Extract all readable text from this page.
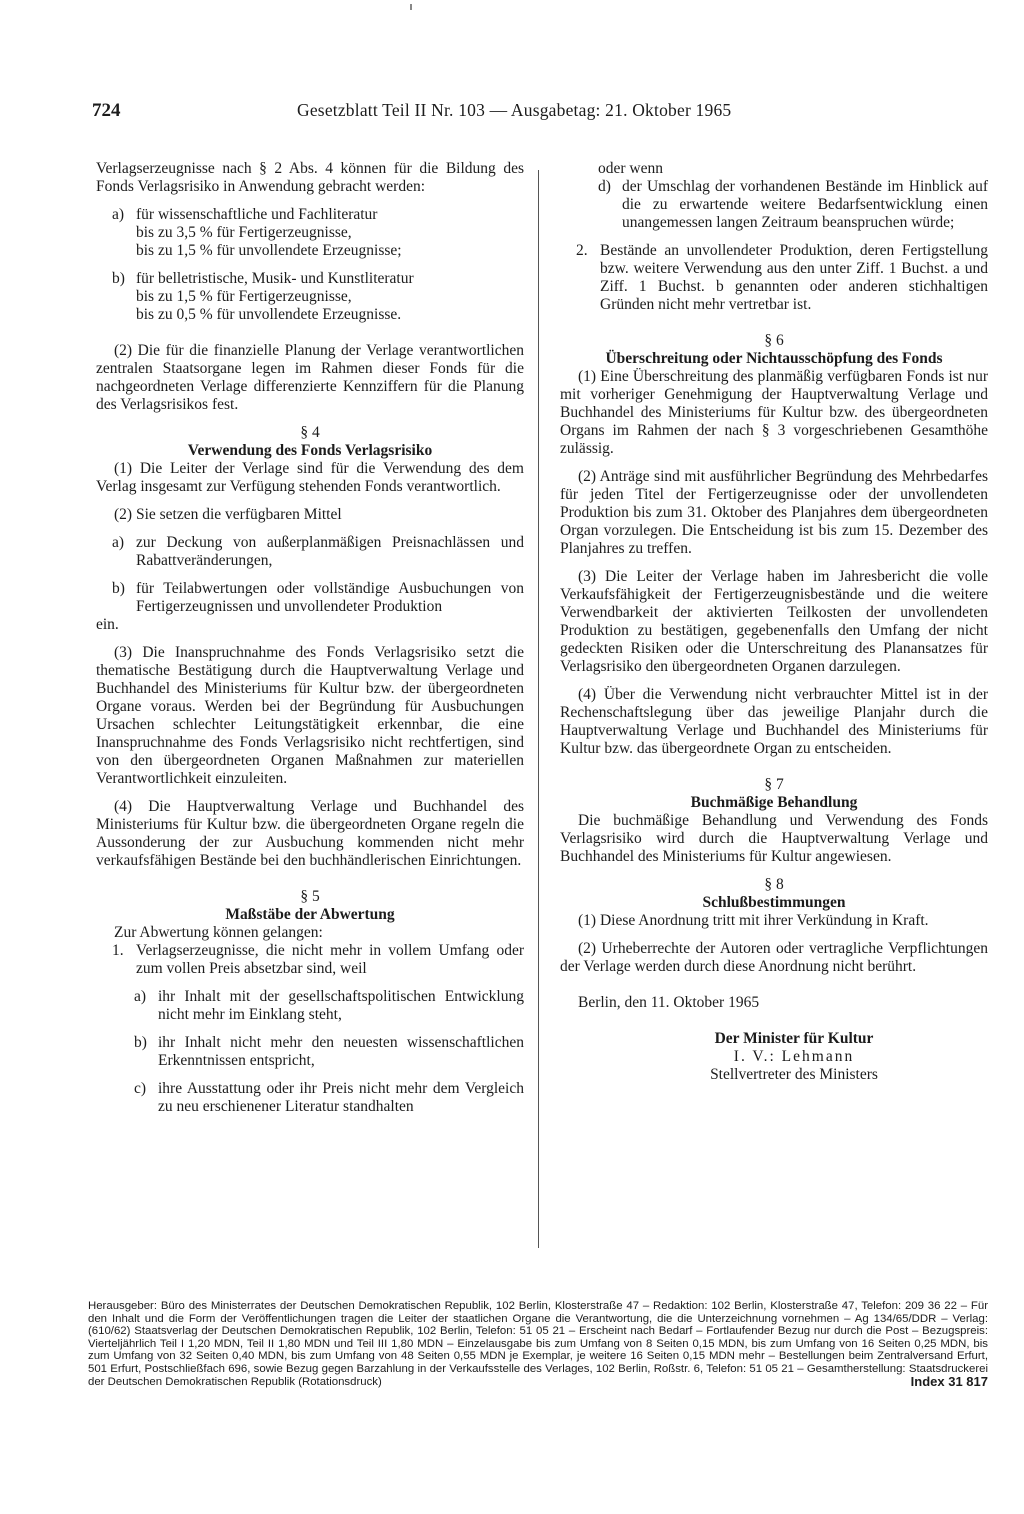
724	Gesetzblatt Teil II Nr. 103 — Ausgabetag: 21. Oktober 1965

Verlagserzeugnisse nach § 2 Abs. 4 können für die Bildung des Fonds Verlagsrisiko in Anwendung gebracht werden:

a) für wissenschaftliche und Fachliteratur

bis zu 3,5 % für Fertigerzeugnisse,

bis zu 1,5 % für unvollendete Erzeugnisse;

b) für belletristische, Musik- und Kunstliteratur

bis zu 1,5 % für Fertigerzeugnisse,

bis zu 0,5 % für unvollendete Erzeugnisse.

(2) Die für die finanzielle Planung der Verlage verantwortlichen zentralen Staatsorgane legen im Rahmen dieser Fonds für die nachgeordneten Verlage differenzierte Kennziffern für die Planung des Verlagsrisikos fest.

§ 4

Verwendung des Fonds Verlagsrisiko

(1) Die Leiter der Verlage sind für die Verwendung des dem Verlag insgesamt zur Verfügung stehenden Fonds verantwortlich.

(2) Sie setzen die verfügbaren Mittel

a) zur Deckung von außerplanmäßigen Preisnachlässen und Rabattveränderungen,
b) für Teilabwertungen oder vollständige Ausbuchungen von Fertigerzeugnissen und unvollendeter Produktion

ein.

(3) Die Inanspruchnahme des Fonds Verlagsrisiko setzt die thematische Bestätigung durch die Hauptverwaltung Verlage und Buchhandel des Ministeriums für Kultur bzw. der übergeordneten Organe voraus. Werden bei der Begründung für Ausbuchungen Ursachen schlechter Leitungstätigkeit erkennbar, die eine Inanspruchnahme des Fonds Verlagsrisiko nicht rechtfertigen, sind von den übergeordneten Organen Maßnahmen zur materiellen Verantwortlichkeit einzuleiten.

(4) Die Hauptverwaltung Verlage und Buchhandel des Ministeriums für Kultur bzw. die übergeordneten Organe regeln die Aussonderung der zur Ausbuchung kommenden nicht mehr verkaufsfähigen Bestände bei den buchhändlerischen Einrichtungen.

§ 5

Maßstäbe der Abwertung

Zur Abwertung können gelangen:

1. Verlagserzeugnisse, die nicht mehr in vollem Umfang oder zum vollen Preis absetzbar sind, weil
a) ihr Inhalt mit der gesellschaftspolitischen Entwicklung nicht mehr im Einklang steht,
b) ihr Inhalt nicht mehr den neuesten wissenschaftlichen Erkenntnissen entspricht,
c) ihre Ausstattung oder ihr Preis nicht mehr dem Vergleich zu neu erschienener Literatur standhalten

oder wenn

d) der Umschlag der vorhandenen Bestände im Hinblick auf die zu erwartende weitere Bedarfsentwicklung einen unangemessen langen Zeitraum beanspruchen würde;
2. Bestände an unvollendeter Produktion, deren Fertigstellung bzw. weitere Verwendung aus den unter Ziff. 1 Buchst. a und Ziff. 1 Buchst. b genannten oder anderen stichhaltigen Gründen nicht mehr vertretbar ist.

§ 6

Überschreitung oder Nichtausschöpfung des Fonds

(1) Eine Überschreitung des planmäßig verfügbaren Fonds ist nur mit vorheriger Genehmigung der Hauptverwaltung Verlage und Buchhandel des Ministeriums für Kultur bzw. des übergeordneten Organs im Rahmen der nach § 3 vorgeschriebenen Gesamthöhe zulässig.

(2) Anträge sind mit ausführlicher Begründung des Mehrbedarfes für jeden Titel der Fertigerzeugnisse oder der unvollendeten Produktion bis zum 31. Oktober des Planjahres dem übergeordneten Organ vorzulegen. Die Entscheidung ist bis zum 15. Dezember des Planjahres zu treffen.

(3) Die Leiter der Verlage haben im Jahresbericht die volle Verkaufsfähigkeit der Fertigerzeugnisbestände und die weitere Verwendbarkeit der aktivierten Teilkosten der unvollendeten Produktion zu bestätigen, gegebenenfalls den Umfang der nicht gedeckten Risiken oder die Unterschreitung des Planansatzes für Verlagsrisiko den übergeordneten Organen darzulegen.

(4) Über die Verwendung nicht verbrauchter Mittel ist in der Rechenschaftslegung über das jeweilige Planjahr durch die Hauptverwaltung Verlage und Buchhandel des Ministeriums für Kultur bzw. das übergeordnete Organ zu entscheiden.

§ 7

Buchmäßige Behandlung

Die buchmäßige Behandlung und Verwendung des Fonds Verlagsrisiko wird durch die Hauptverwaltung Verlage und Buchhandel des Ministeriums für Kultur angewiesen.

§ 8

Schlußbestimmungen

(1) Diese Anordnung tritt mit ihrer Verkündung in Kraft.

(2) Urheberrechte der Autoren oder vertragliche Verpflichtungen der Verlage werden durch diese Anordnung nicht berührt.

Berlin, den 11. Oktober 1965

Der Minister für Kultur

I. V.: Lehmann

Stellvertreter des Ministers

Herausgeber: Büro des Ministerrates der Deutschen Demokratischen Republik, 102 Berlin, Klosterstraße 47 – Redaktion: 102 Berlin, Klosterstraße 47, Telefon: 209 36 22 – Für den Inhalt und die Form der Veröffentlichungen tragen die Leiter der staatlichen Organe die Verantwortung, die die Unterzeichnung vornehmen – Ag 134/65/DDR – Verlag: (610/62) Staatsverlag der Deutschen Demokratischen Republik, 102 Berlin, Telefon: 51 05 21 – Erscheint nach Bedarf – Fortlaufender Bezug nur durch die Post – Bezugspreis: Vierteljährlich Teil I 1,20 MDN, Teil II 1,80 MDN und Teil III 1,80 MDN – Einzelausgabe bis zum Umfang von 8 Seiten 0,15 MDN, bis zum Umfang von 16 Seiten 0,25 MDN, bis zum Umfang von 32 Seiten 0,40 MDN, bis zum Umfang von 48 Seiten 0,55 MDN je Exemplar, je weitere 16 Seiten 0,15 MDN mehr – Bestellungen beim Zentralversand Erfurt, 501 Erfurt, Postschließfach 696, sowie Bezug gegen Barzahlung in der Verkaufsstelle des Verlages, 102 Berlin, Roßstr. 6, Telefon: 51 05 21 – Gesamtherstellung: Staatsdruckerei der Deutschen Demokratischen Republik (Rotationsdruck)	Index 31 817
